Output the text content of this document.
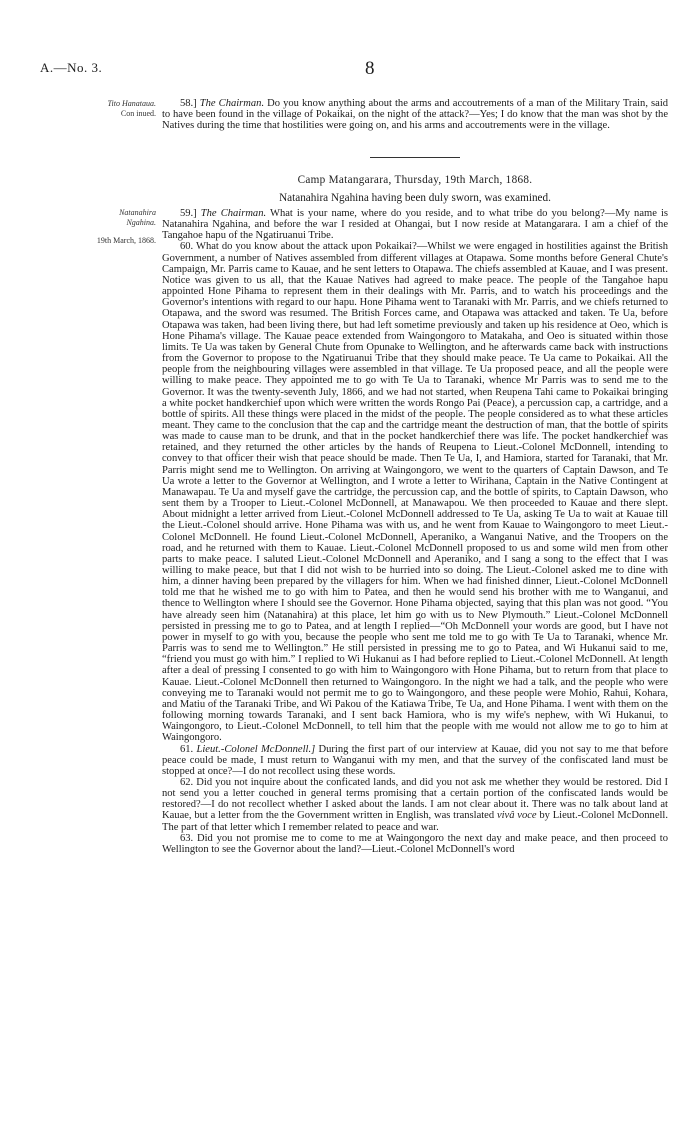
A.—No. 3.	8
Tito Hanataua.
Con inued.

58.] The Chairman. Do you know anything about the arms and accoutrements of a man of the Military Train, said to have been found in the village of Pokaikai, on the night of the attack?—Yes; I do know that the man was shot by the Natives during the time that hostilities were going on, and his arms and accoutrements were in the village.

Camp Matangarara, Thursday, 19th March, 1868.
Natanahira Ngahina having been duly sworn, was examined.
Natanahira Ngahina.
19th March, 1868.

59.] The Chairman. What is your name, where do you reside, and to what tribe do you belong?—My name is Natanahira Ngahina, and before the war I resided at Ohangai, but I now reside at Matangarara. I am a chief of the Tangahoe hapu of the Ngatiruanui Tribe.

60. What do you know about the attack upon Pokaikai?—Whilst we were engaged in hostilities against the British Government, a number of Natives assembled from different villages at Otapawa. Some months before General Chute's Campaign, Mr. Parris came to Kauae, and he sent letters to Otapawa. The chiefs assembled at Kauae, and I was present. Notice was given to us all, that the Kauae Natives had agreed to make peace. The people of the Tangahoe hapu appointed Hone Pihama to represent them in their dealings with Mr. Parris, and to watch his proceedings and the Governor's intentions with regard to our hapu. Hone Pihama went to Taranaki with Mr. Parris, and we chiefs returned to Otapawa, and the sword was resumed. The British Forces came, and Otapawa was attacked and taken. Te Ua, before Otapawa was taken, had been living there, but had left sometime previously and taken up his residence at Oeo, which is Hone Pihama's village. The Kauae peace extended from Waingongoro to Matakaha, and Oeo is situated within those limits. Te Ua was taken by General Chute from Opunake to Wellington, and he afterwards came back with instructions from the Governor to propose to the Ngatiruanui Tribe that they should make peace. Te Ua came to Pokaikai. All the people from the neighbouring villages were assembled in that village. Te Ua proposed peace, and all the people were willing to make peace. They appointed me to go with Te Ua to Taranaki, whence Mr Parris was to send me to the Governor. It was the twenty-seventh July, 1866, and we had not started, when Reupena Tahi came to Pokaikai bringing a white pocket handkerchief upon which were written the words Rongo Pai (Peace), a percussion cap, a cartridge, and a bottle of spirits. All these things were placed in the midst of the people. The people considered as to what these articles meant. They came to the conclusion that the cap and the cartridge meant the destruction of man, that the bottle of spirits was made to cause man to be drunk, and that in the pocket handkerchief there was life. The pocket handkerchief was retained, and they returned the other articles by the hands of Reupena to Lieut.-Colonel McDonnell, intending to convey to that officer their wish that peace should be made. Then Te Ua, I, and Hamiora, started for Taranaki, that Mr. Parris might send me to Wellington. On arriving at Waingongoro, we went to the quarters of Captain Dawson, and Te Ua wrote a letter to the Governor at Wellington, and I wrote a letter to Wirihana, Captain in the Native Contingent at Manawapau. Te Ua and myself gave the cartridge, the percussion cap, and the bottle of spirits, to Captain Dawson, who sent them by a Trooper to Lieut.-Colonel McDonnell, at Manawapou. We then proceeded to Kauae and there slept. About midnight a letter arrived from Lieut.-Colonel McDonnell addressed to Te Ua, asking Te Ua to wait at Kauae till the Lieut.-Colonel should arrive. Hone Pihama was with us, and he went from Kauae to Waingongoro to meet Lieut.-Colonel McDonnell. He found Lieut.-Colonel McDonnell, Aperaniko, a Wanganui Native, and the Troopers on the road, and he returned with them to Kauae. Lieut.-Colonel McDonnell proposed to us and some wild men from other parts to make peace. I saluted Lieut.-Colonel McDonnell and Aperaniko, and I sang a song to the effect that I was willing to make peace, but that I did not wish to be hurried into so doing. The Lieut.-Colonel asked me to dine with him, a dinner having been prepared by the villagers for him. When we had finished dinner, Lieut.-Colonel McDonnell told me that he wished me to go with him to Patea, and then he would send his brother with me to Wanganui, and thence to Wellington where I should see the Governor. Hone Pihama objected, saying that this plan was not good. “You have already seen him (Natanahira) at this place, let him go with us to New Plymouth.” Lieut.-Colonel McDonnell persisted in pressing me to go to Patea, and at length I replied—“Oh McDonnell your words are good, but I have not power in myself to go with you, because the people who sent me told me to go with Te Ua to Taranaki, whence Mr. Parris was to send me to Wellington.” He still persisted in pressing me to go to Patea, and Wi Hukanui said to me, “friend you must go with him.” I replied to Wi Hukanui as I had before replied to Lieut.-Colonel McDonnell. At length after a deal of pressing I consented to go with him to Waingongoro with Hone Pihama, but to return from that place to Kauae. Lieut.-Colonel McDonnell then returned to Waingongoro. In the night we had a talk, and the people who were conveying me to Taranaki would not permit me to go to Waingongoro, and these people were Mohio, Rahui, Kohara, and Matiu of the Taranaki Tribe, and Wi Pakou of the Katiawa Tribe, Te Ua, and Hone Pihama. I went with them on the following morning towards Taranaki, and I sent back Hamiora, who is my wife's nephew, with Wi Hukanui, to Waingongoro, to Lieut.-Colonel McDonnell, to tell him that the people with me would not allow me to go to him at Waingongoro.

61. Lieut.-Colonel McDonnell.] During the first part of our interview at Kauae, did you not say to me that before peace could be made, I must return to Wanganui with my men, and that the survey of the confiscated land must be stopped at once?—I do not recollect using these words.

62. Did you not inquire about the conficated lands, and did you not ask me whether they would be restored. Did I not send you a letter couched in general terms promising that a certain portion of the confiscated lands would be restored?—I do not recollect whether I asked about the lands. I am not clear about it. There was no talk about land at Kauae, but a letter from the the Government written in English, was translated vivâ voce by Lieut.-Colonel McDonnell. The part of that letter which I remember related to peace and war.

63. Did you not promise me to come to me at Waingongoro the next day and make peace, and then proceed to Wellington to see the Governor about the land?—Lieut.-Colonel McDonnell's word
